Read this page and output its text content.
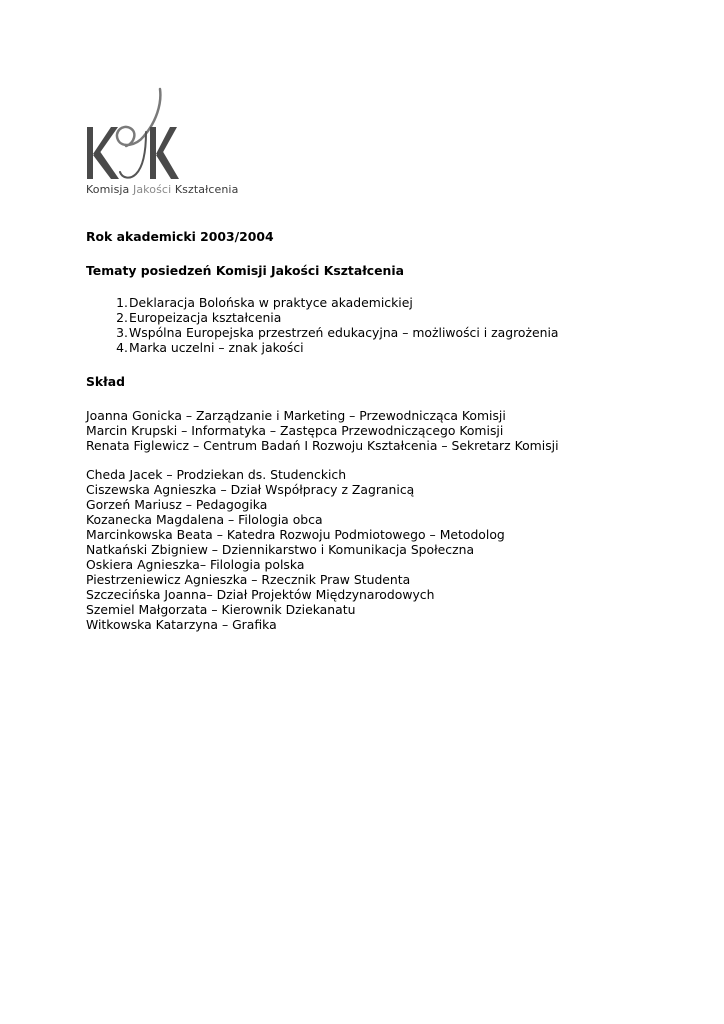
Komisja Jakości Kształcenia

Rok akademicki 2003/2004

Tematy posiedzeń Komisji Jakości Kształcenia

1. Deklaracja Bolońska w praktyce akademickiej
2. Europeizacja kształcenia
3. Wspólna Europejska przestrzeń edukacyjna – możliwości i zagrożenia
4. Marka uczelni – znak jakości

Skład

Joanna Gonicka – Zarządzanie i Marketing – Przewodnicząca Komisji
Marcin Krupski – Informatyka – Zastępca Przewodniczącego Komisji
Renata Figlewicz – Centrum Badań I Rozwoju Kształcenia – Sekretarz Komisji
Cheda Jacek – Prodziekan ds. Studenckich
Ciszewska Agnieszka – Dział Współpracy z Zagranicą
Gorzeń Mariusz – Pedagogika
Kozanecka Magdalena – Filologia obca
Marcinkowska Beata – Katedra Rozwoju Podmiotowego – Metodolog
Natkański Zbigniew – Dziennikarstwo i Komunikacja Społeczna
Oskiera Agnieszka– Filologia polska
Piestrzeniewicz Agnieszka – Rzecznik Praw Studenta
Szczecińska Joanna– Dział Projektów Międzynarodowych
Szemiel Małgorzata – Kierownik Dziekanatu
Witkowska Katarzyna – Grafika
